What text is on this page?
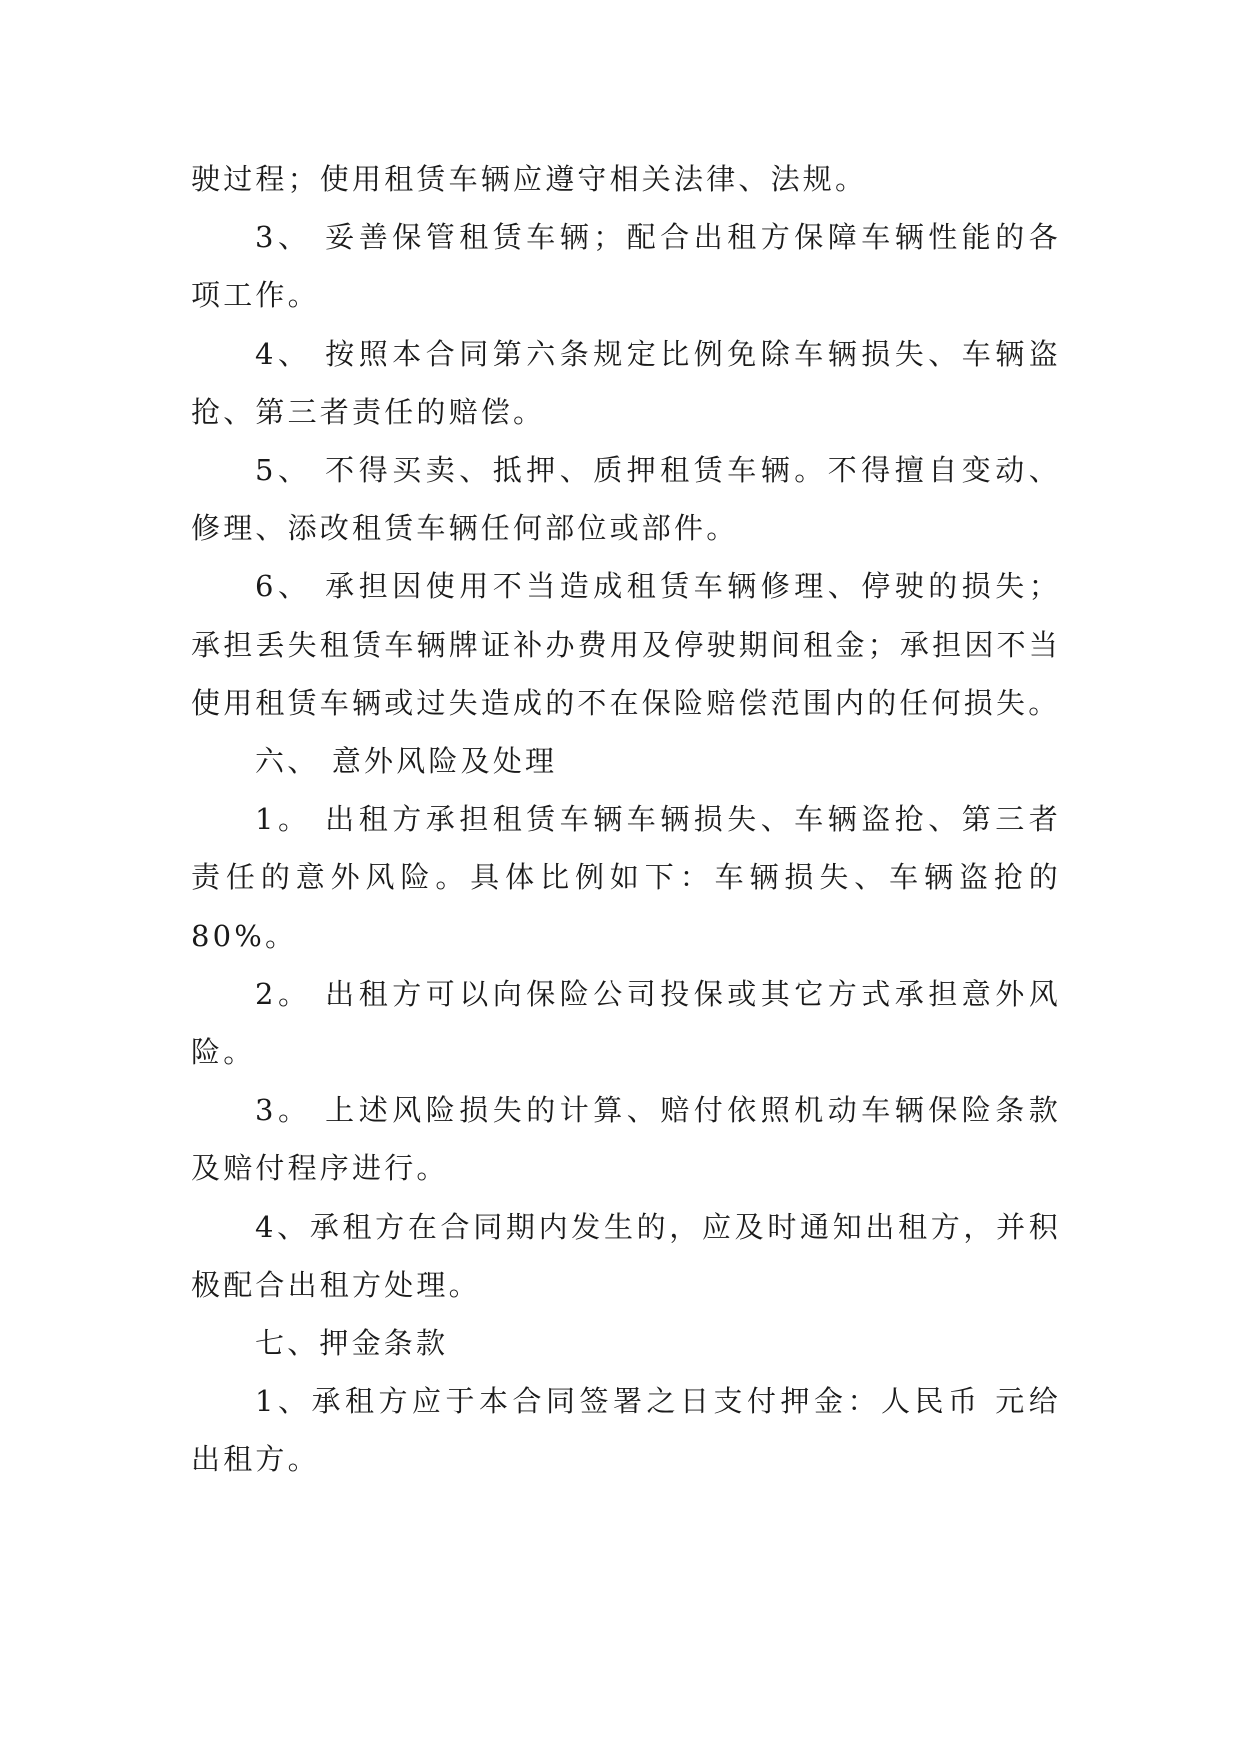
驶过程；使用租赁车辆应遵守相关法律、法规。

3、 妥善保管租赁车辆；配合出租方保障车辆性能的各项工作。

4、 按照本合同第六条规定比例免除车辆损失、车辆盗抢、第三者责任的赔偿。

5、 不得买卖、抵押、质押租赁车辆。不得擅自变动、修理、添改租赁车辆任何部位或部件。

6、 承担因使用不当造成租赁车辆修理、停驶的损失；承担丢失租赁车辆牌证补办费用及停驶期间租金；承担因不当使用租赁车辆或过失造成的不在保险赔偿范围内的任何损失。

六、 意外风险及处理

1。 出租方承担租赁车辆车辆损失、车辆盗抢、第三者责任的意外风险。具体比例如下：车辆损失、车辆盗抢的80%。

2。 出租方可以向保险公司投保或其它方式承担意外风险。

3。 上述风险损失的计算、赔付依照机动车辆保险条款及赔付程序进行。

4、承租方在合同期内发生的，应及时通知出租方，并积极配合出租方处理。

七、押金条款

1、承租方应于本合同签署之日支付押金：人民币 元给出租方。
